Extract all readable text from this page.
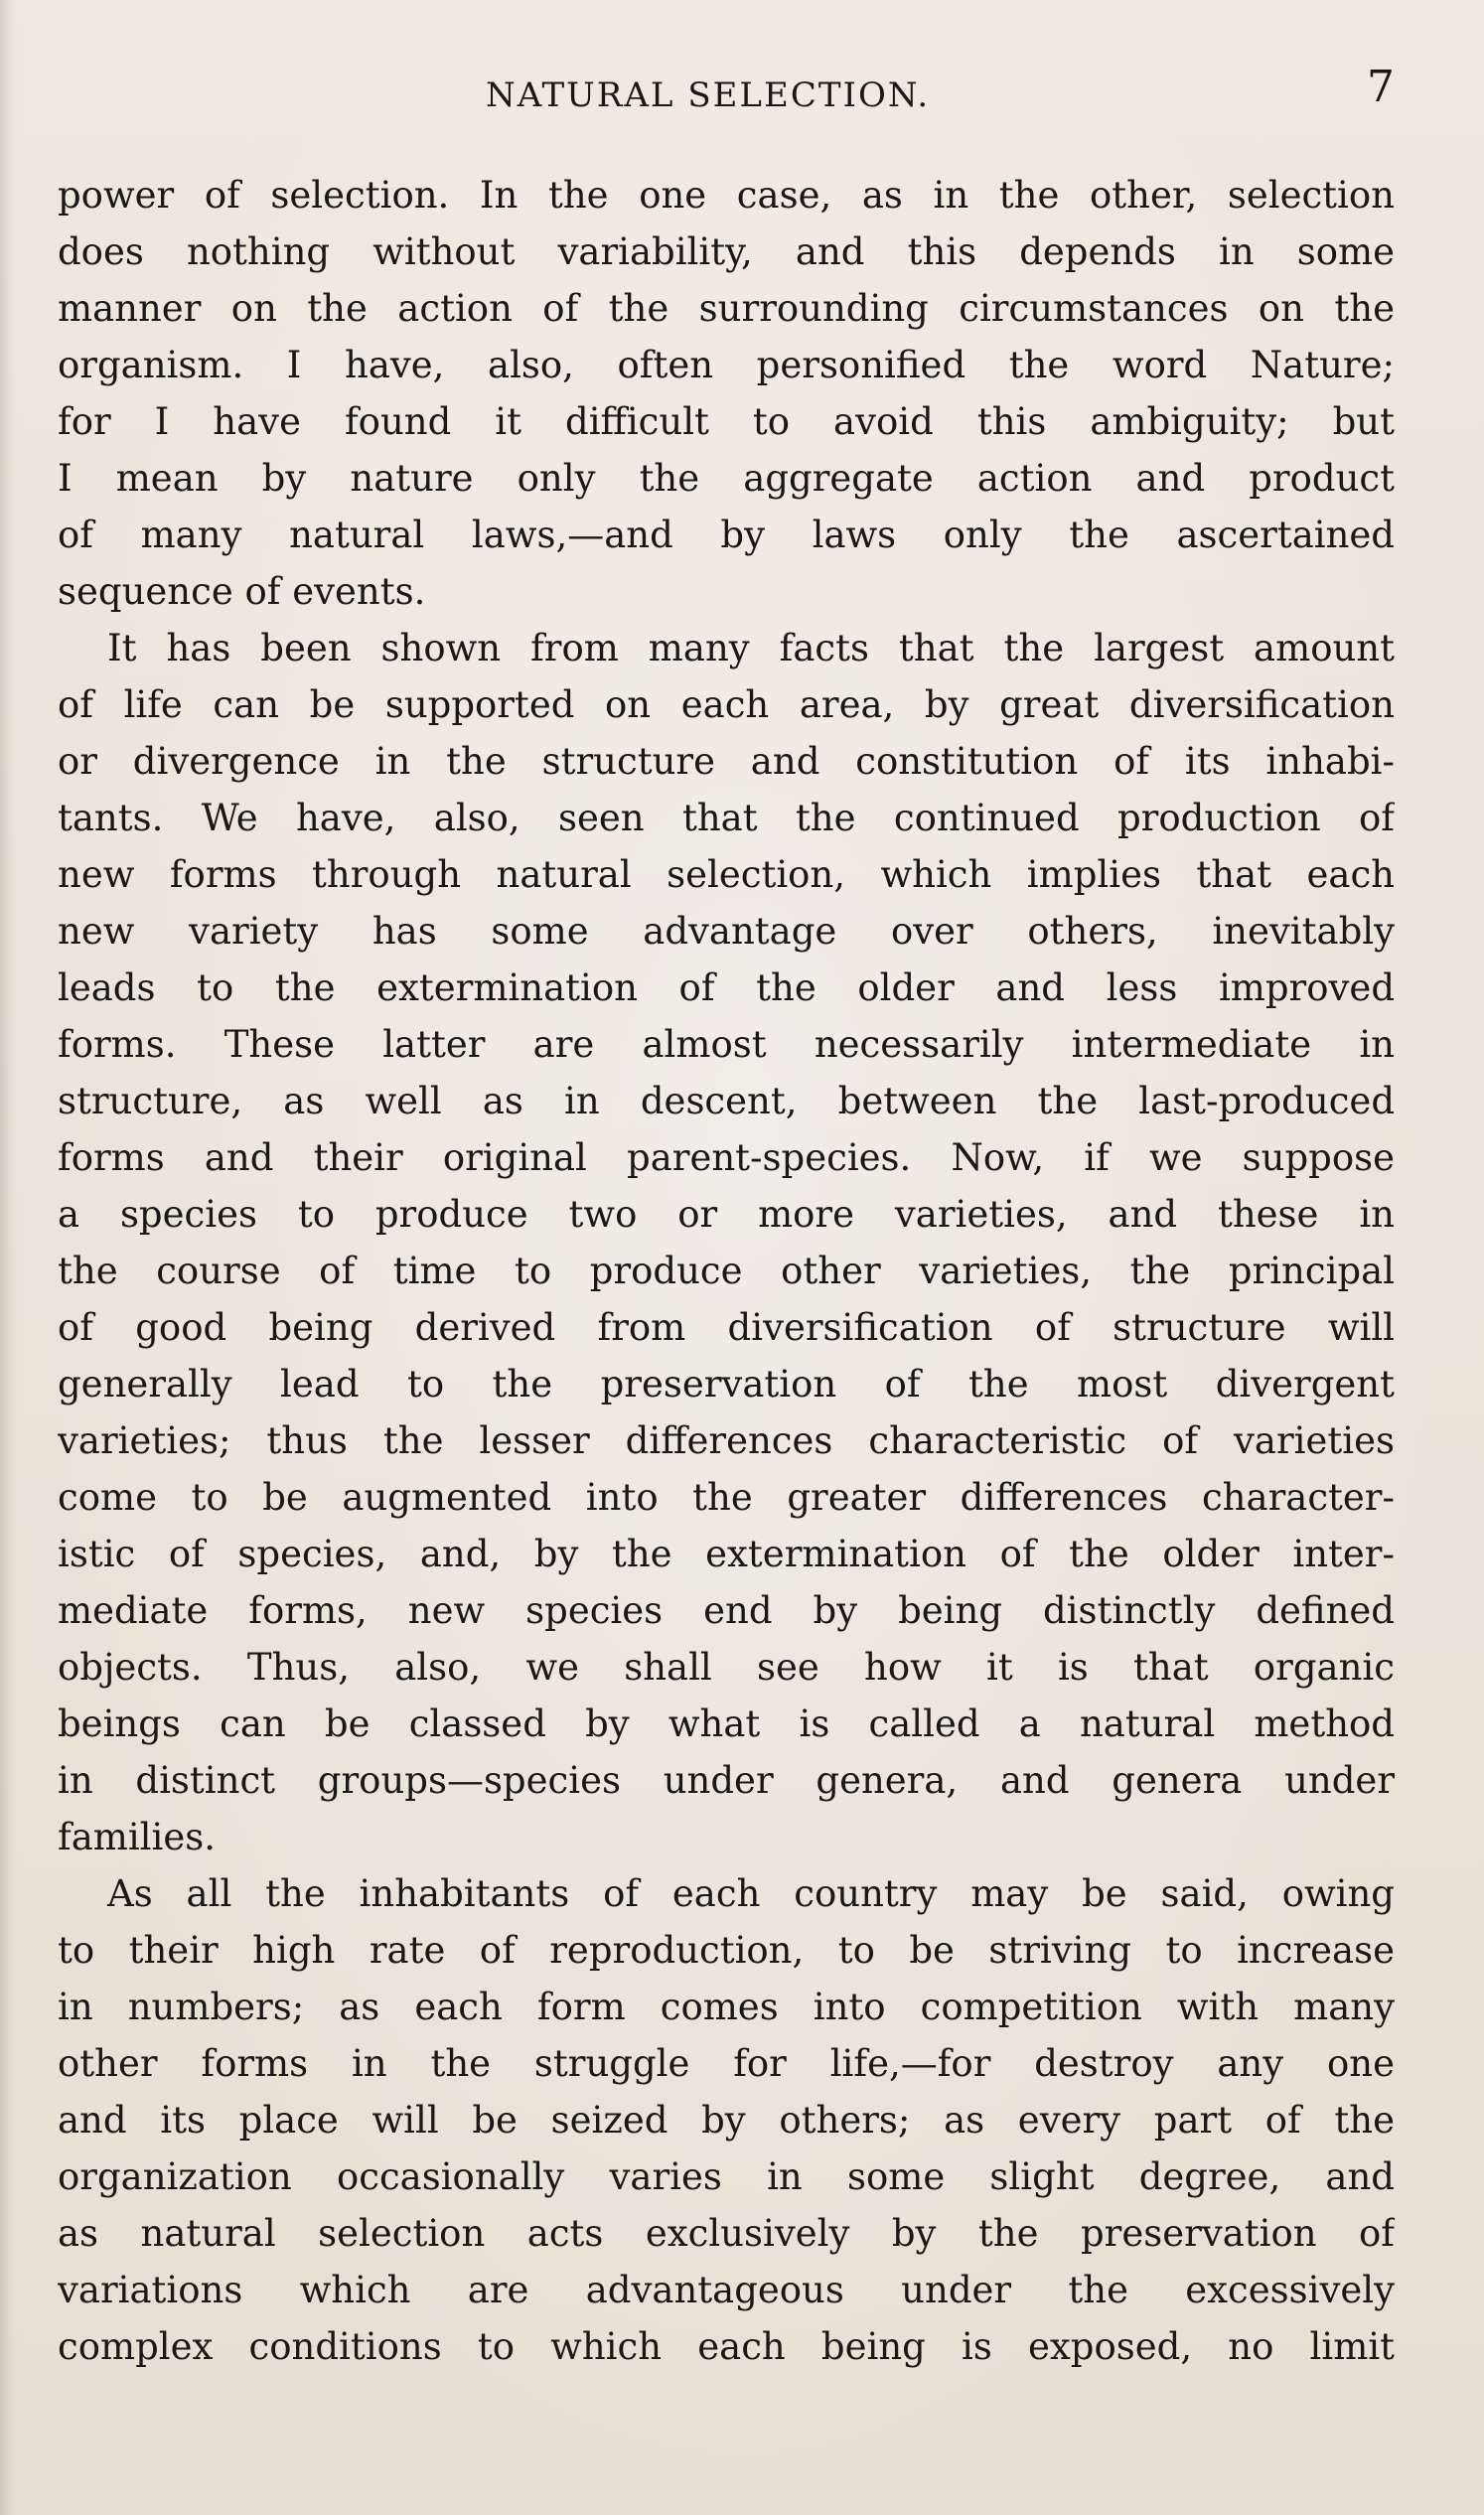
NATURAL SELECTION.	7
power of selection. In the one case, as in the other, selection
does nothing without variability, and this depends in some
manner on the action of the surrounding circumstances on the
organism. I have, also, often personified the word Nature;
for I have found it difficult to avoid this ambiguity; but
I mean by nature only the aggregate action and product
of many natural laws,—and by laws only the ascertained
sequence of events.
It has been shown from many facts that the largest amount
of life can be supported on each area, by great diversification
or divergence in the structure and constitution of its inhabi-
tants. We have, also, seen that the continued production of
new forms through natural selection, which implies that each
new variety has some advantage over others, inevitably
leads to the extermination of the older and less improved
forms. These latter are almost necessarily intermediate in
structure, as well as in descent, between the last-produced
forms and their original parent-species. Now, if we suppose
a species to produce two or more varieties, and these in
the course of time to produce other varieties, the principal
of good being derived from diversification of structure will
generally lead to the preservation of the most divergent
varieties; thus the lesser differences characteristic of varieties
come to be augmented into the greater differences character-
istic of species, and, by the extermination of the older inter-
mediate forms, new species end by being distinctly defined
objects. Thus, also, we shall see how it is that organic
beings can be classed by what is called a natural method
in distinct groups—species under genera, and genera under
families.
As all the inhabitants of each country may be said, owing
to their high rate of reproduction, to be striving to increase
in numbers; as each form comes into competition with many
other forms in the struggle for life,—for destroy any one
and its place will be seized by others; as every part of the
organization occasionally varies in some slight degree, and
as natural selection acts exclusively by the preservation of
variations which are advantageous under the excessively
complex conditions to which each being is exposed, no limit
